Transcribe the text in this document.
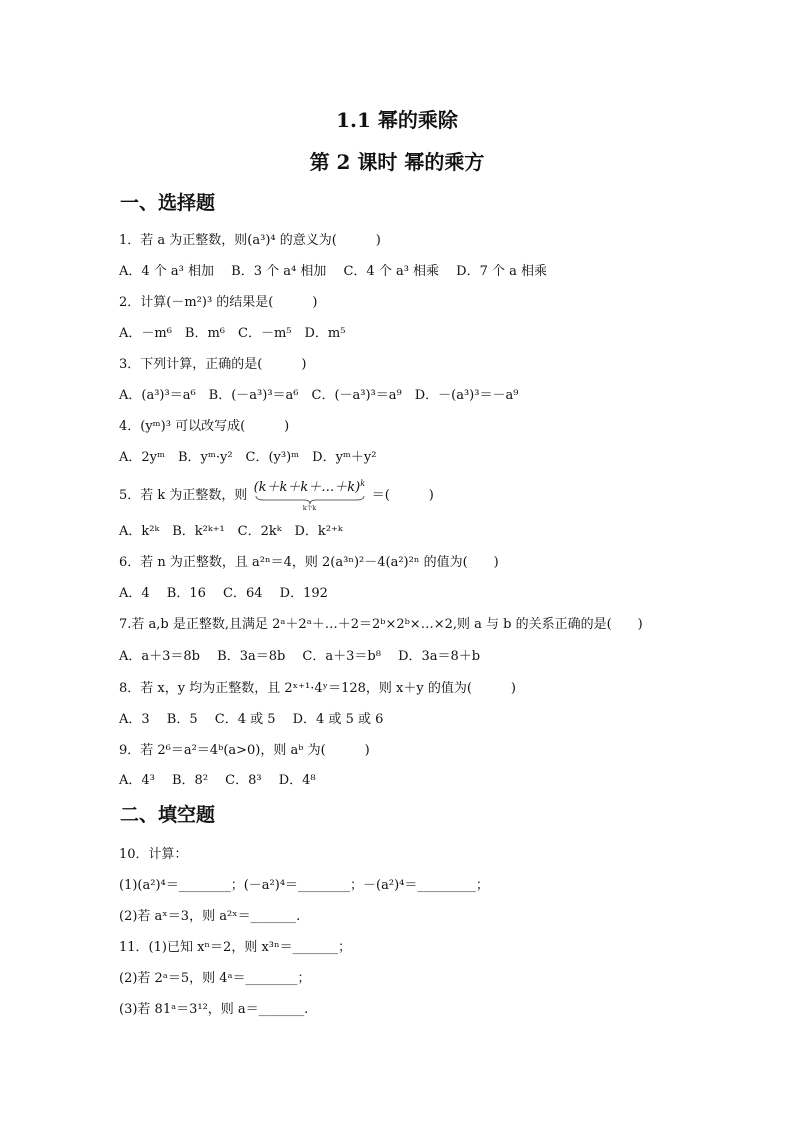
1.1 幂的乘除
第 2 课时 幂的乘方
一、选择题
1．若 a 为正整数，则(a³)⁴ 的意义为(　　　)
A．4 个 a³ 相加　 B．3 个 a⁴ 相加　 C．4 个 a³ 相乘　 D．7 个 a 相乘
2．计算(－m²)³ 的结果是(　　　)
A．－m⁶　B．m⁶　C．－m⁵　D．m⁵
3．下列计算，正确的是(　　　)
A．(a³)³＝a⁶　B．(－a³)³＝a⁶　C．(－a³)³＝a⁹　D．－(a³)³＝－a⁹
4．(yᵐ)³ 可以改写成(　　　)
A．2yᵐ　B．yᵐ·y²　C．(y³)ᵐ　D．yᵐ＋y²
5．若 k 为正整数，则 (k＋k＋k＋…＋k)$^k$
k个k
＝(　　　)
A．k²ᵏ　B．k²ᵏ⁺¹　C．2kᵏ　D．k²⁺ᵏ
6．若 n 为正整数，且 a²ⁿ＝4，则 2(a³ⁿ)²－4(a²)²ⁿ 的值为(　　)
A．4　 B．16　 C．64　 D．192
7.若 a,b 是正整数,且满足 2ᵃ＋2ᵃ＋…＋2＝2ᵇ×2ᵇ×…×2,则 a 与 b 的关系正确的是(　　)
A．a＋3＝8b　 B．3a＝8b　 C．a＋3＝b⁸　 D．3a＝8＋b
8．若 x，y 均为正整数，且 2ˣ⁺¹·4ʸ＝128，则 x＋y 的值为(　　　)
A．3　 B．5　 C．4 或 5　 D．4 或 5 或 6
9．若 2⁶＝a²＝4ᵇ(a>0)，则 aᵇ 为(　　　)
A．4³　 B．8²　 C．8³　 D．4⁸
二、填空题
10．计算：
(1)(a²)⁴＝________；(－a²)⁴＝________；－(a²)⁴＝_________；
(2)若 aˣ＝3，则 a²ˣ＝_______.
11．(1)已知 xⁿ＝2，则 x³ⁿ＝_______；
(2)若 2ᵃ＝5，则 4ᵃ＝________；
(3)若 81ᵃ＝3¹²，则 a＝_______.
